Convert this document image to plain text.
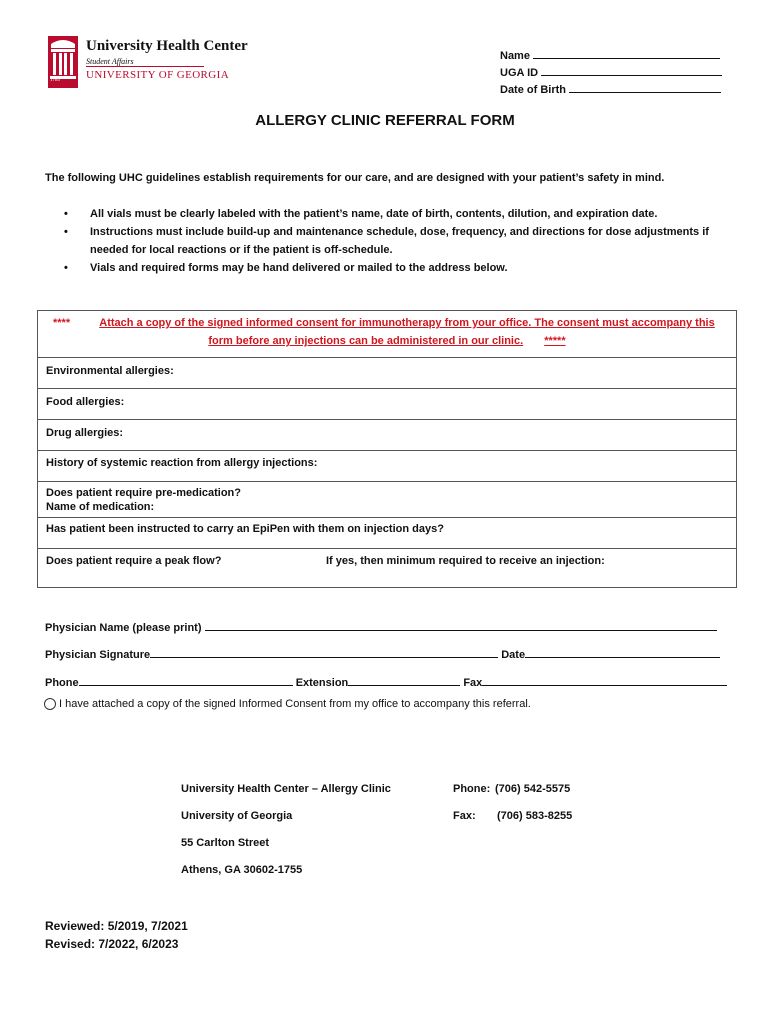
1785
University Health Center
Student Affairs
UNIVERSITY OF GEORGIA
Name
UGA ID
Date of Birth
ALLERGY CLINIC REFERRAL FORM
The following UHC guidelines establish requirements for our care, and are designed with your patient’s safety in mind.
• All vials must be clearly labeled with the patient’s name, date of birth, contents, dilution, and expiration date.
• Instructions must include build-up and maintenance schedule, dose, frequency, and directions for dose adjustments if needed for local reactions or if the patient is off-schedule.
• Vials and required forms may be hand delivered or mailed to the address below.
****	Attach a copy of the signed informed consent for immunotherapy from your office. The consent must accompany this
form before any injections can be administered in our clinic. *****
Environmental allergies:
Food allergies:
Drug allergies:
History of systemic reaction from allergy injections:
Does patient require pre-medication?
Name of medication:
Has patient been instructed to carry an EpiPen with them on injection days?
Does patient require a peak flow?	If yes, then minimum required to receive an injection:
Physician Name (please print)
Physician Signature	Date
Phone	Extension	Fax
I have attached a copy of the signed Informed Consent from my office to accompany this referral.
University Health Center – Allergy Clinic
University of Georgia
55 Carlton Street
Athens, GA 30602-1755
Phone: (706) 542-5575
Fax: (706) 583-8255
Reviewed: 5/2019, 7/2021
Revised: 7/2022, 6/2023
